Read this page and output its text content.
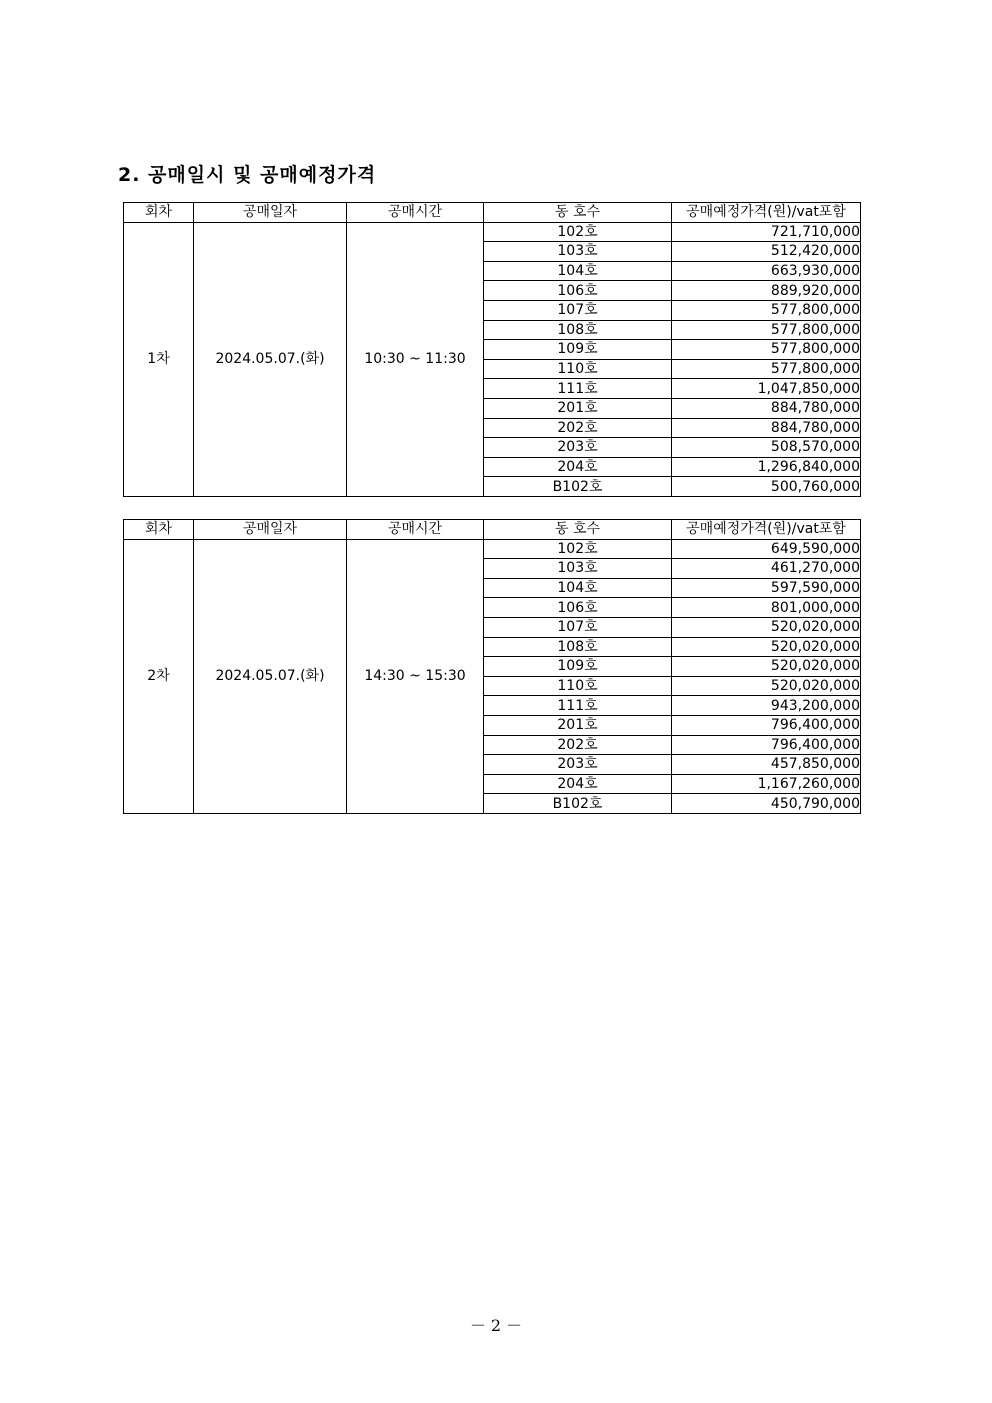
2. 공매일시 및 공매예정가격
회차	공매일자	공매시간	동 호수	공매예정가격(원)/vat포함
1차	2024.05.07.(화)	10:30 ~ 11:30	102호	721,710,000
			103호	512,420,000
			104호	663,930,000
			106호	889,920,000
			107호	577,800,000
			108호	577,800,000
			109호	577,800,000
			110호	577,800,000
			111호	1,047,850,000
			201호	884,780,000
			202호	884,780,000
			203호	508,570,000
			204호	1,296,840,000
			B102호	500,760,000
회차	공매일자	공매시간	동 호수	공매예정가격(원)/vat포함
2차	2024.05.07.(화)	14:30 ~ 15:30	102호	649,590,000
			103호	461,270,000
			104호	597,590,000
			106호	801,000,000
			107호	520,020,000
			108호	520,020,000
			109호	520,020,000
			110호	520,020,000
			111호	943,200,000
			201호	796,400,000
			202호	796,400,000
			203호	457,850,000
			204호	1,167,260,000
			B102호	450,790,000
－ 2 －
